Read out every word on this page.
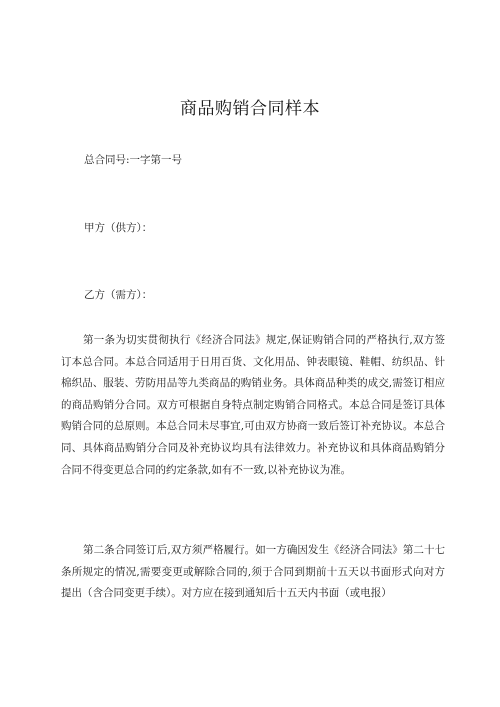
商品购销合同样本
总合同号:一字第一号
甲方（供方）：
乙方（需方）：

第一条为切实贯彻执行《经济合同法》规定,保证购销合同的严格执行,双方签订本总合同。本总合同适用于日用百货、文化用品、钟表眼镜、鞋帽、纺织品、针棉织品、服装、劳防用品等九类商品的购销业务。具体商品种类的成交,需签订相应的商品购销分合同。双方可根据自身特点制定购销合同格式。本总合同是签订具体购销合同的总原则。本总合同未尽事宜,可由双方协商一致后签订补充协议。本总合同、具体商品购销分合同及补充协议均具有法律效力。补充协议和具体商品购销分合同不得变更总合同的约定条款,如有不一致,以补充协议为准。

第二条合同签订后,双方须严格履行。如一方确因发生《经济合同法》第二十七条所规定的情况,需要变更或解除合同的,须于合同到期前十五天以书面形式向对方提出（含合同变更手续）。对方应在接到通知后十五天内书面（或电报）
